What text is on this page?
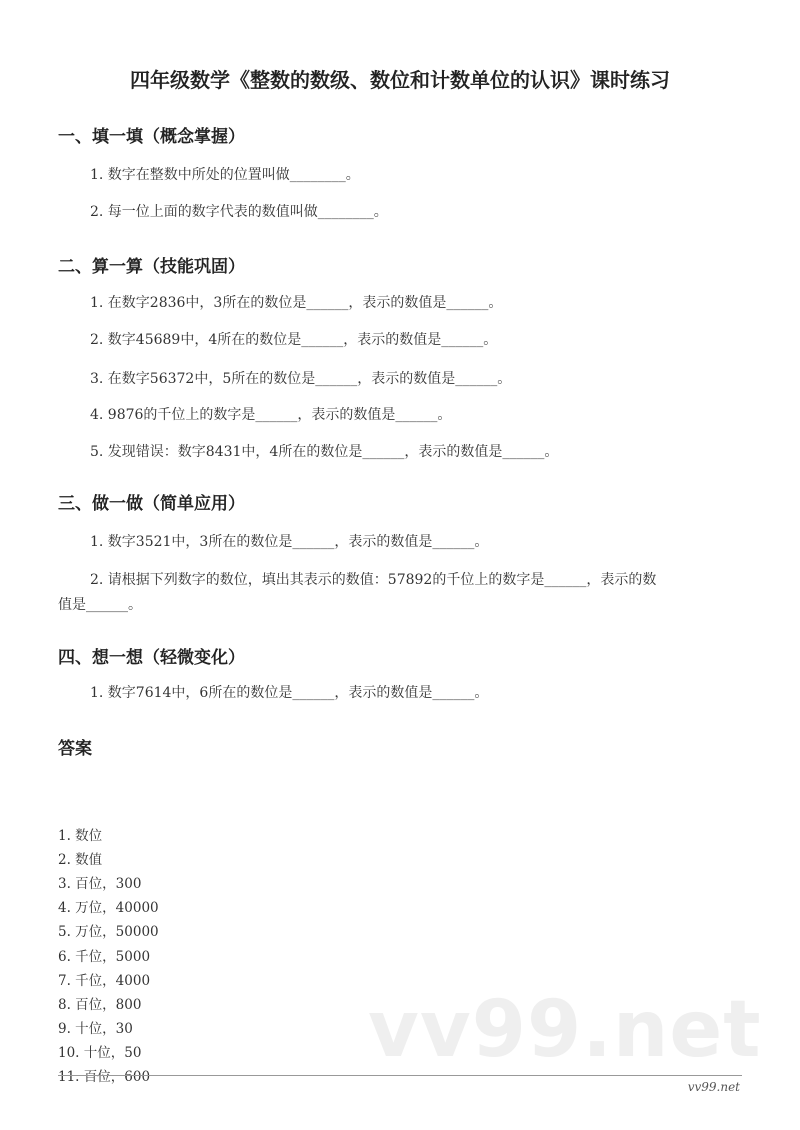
vv99.net
四年级数学《整数的数级、数位和计数单位的认识》课时练习
一、填一填（概念掌握）
1. 数字在整数中所处的位置叫做________。
2. 每一位上面的数字代表的数值叫做________。
二、算一算（技能巩固）
1. 在数字2836中，3所在的数位是______，表示的数值是______。
2. 数字45689中，4所在的数位是______，表示的数值是______。
3. 在数字56372中，5所在的数位是______，表示的数值是______。
4. 9876的千位上的数字是______，表示的数值是______。
5. 发现错误：数字8431中，4所在的数位是______，表示的数值是______。
三、做一做（简单应用）
1. 数字3521中，3所在的数位是______，表示的数值是______。
2. 请根据下列数字的数位，填出其表示的数值：57892的千位上的数字是______，表示的数
值是______。
四、想一想（轻微变化）
1. 数字7614中，6所在的数位是______，表示的数值是______。
答案
1. 数位
2. 数值
3. 百位，300
4. 万位，40000
5. 万位，50000
6. 千位，5000
7. 千位，4000
8. 百位，800
9. 十位，30
10. 十位，50
11. 百位，600
vv99.net
